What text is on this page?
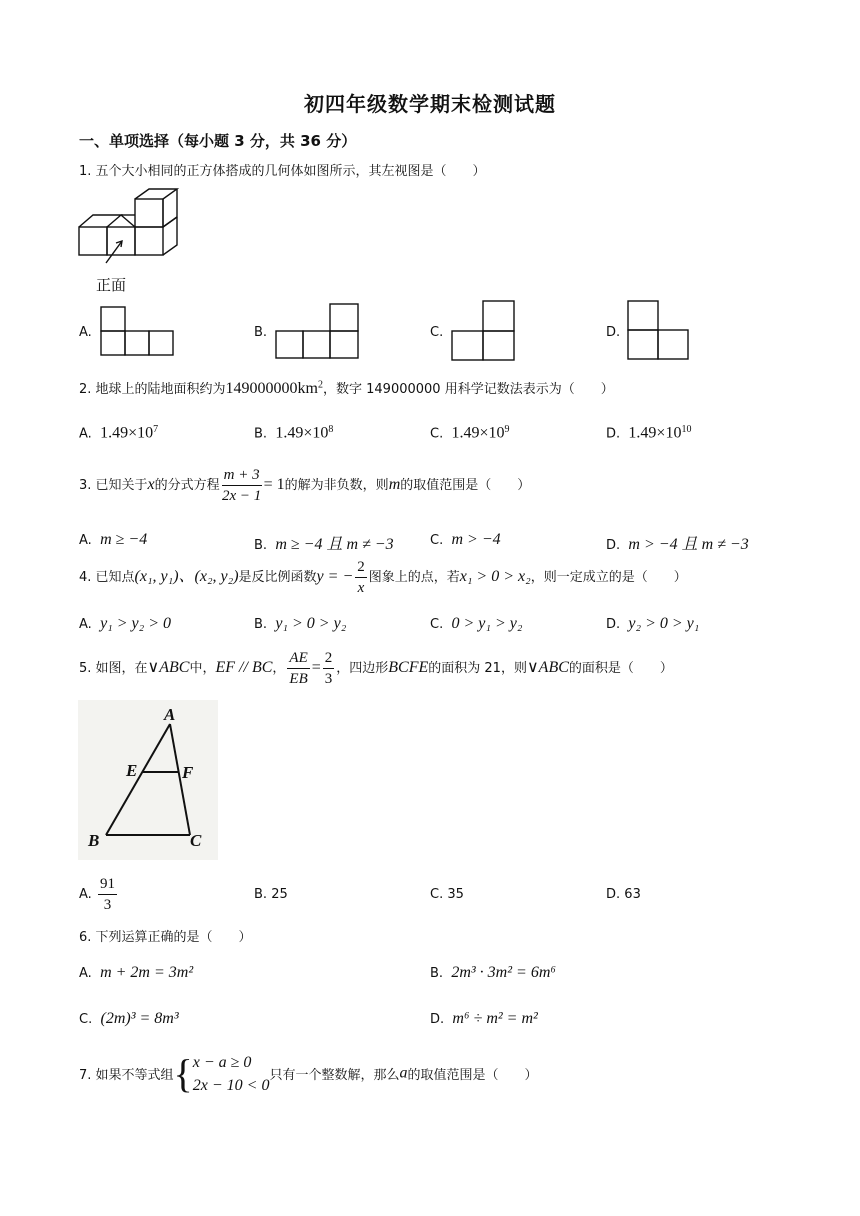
初四年级数学期末检测试题
一、单项选择（每小题 3 分，共 36 分）
1. 五个大小相同的正方体搭成的几何体如图所示，其左视图是（　　）
正面
A.	B.	C.	D.
2. 地球上的陆地面积约为$149000000km^2$，数字 149000000 用科学记数法表示为（　　）
A. $1.49\times 10^7$	B. $1.49\times 10^8$	C. $1.49\times 10^9$	D. $1.49\times 10^{10}$
3. 已知关于x的分式方程 $\frac{m + 3}{2x - 1} = 1$的解为非负数，则m的取值范围是（　　）
A. m ≥ −4	B. m ≥ −4 且 m ≠ −3	C. m > −4	D. m > −4 且 m ≠ −3
4. 已知点(x₁, y₁)、(x₂, y₂)是反比例函数y = − $\frac{2}{x}$ 图象上的点，若x₁ > 0 > x₂，则一定成立的是（　　）
A. y₁ > y₂ > 0	B. y₁ > 0 > y₂	C. 0 > y₁ > y₂	D. y₂ > 0 > y₁
5. 如图，在∨ABC中，EF // BC， $\frac{AE}{EB} = \frac{2}{3}$ ，四边形BCFE的面积为 21，则∨ABC的面积是（　　）
A
E	F
B	C
A. $\frac{91}{3}$	B. 25	C. 35	D. 63
6. 下列运算正确的是（　　）
A. m + 2m = 3m²	B. 2m³ · 3m² = 6m⁶
C. (2m)³ = 8m³	D. m⁶ ÷ m² = m²
7. 如果不等式组{ x − a ≥ 0
2x − 10 < 0
只有一个整数解，那么a的取值范围是（　　）
